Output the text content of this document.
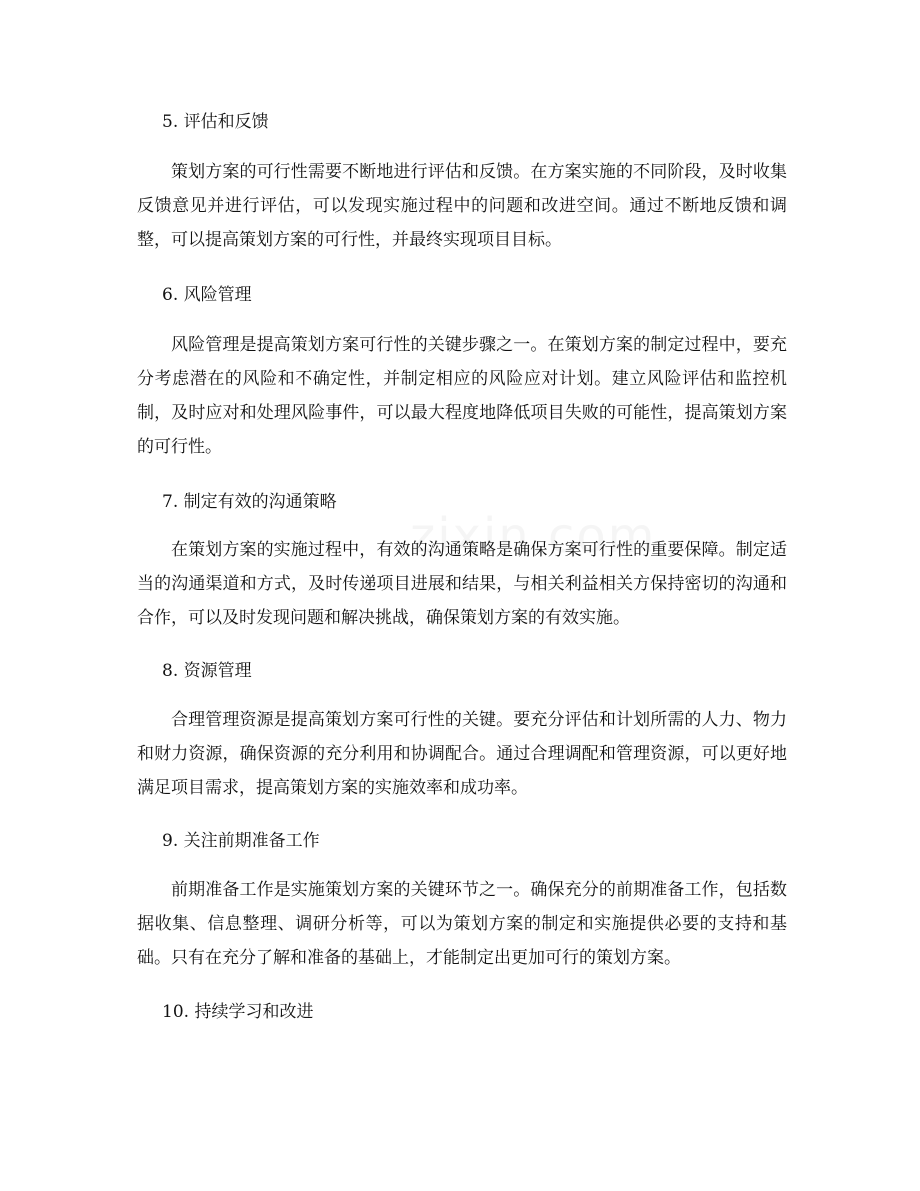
5. 评估和反馈
策划方案的可行性需要不断地进行评估和反馈。在方案实施的不同阶段，及时收集反馈意见并进行评估，可以发现实施过程中的问题和改进空间。通过不断地反馈和调整，可以提高策划方案的可行性，并最终实现项目目标。
6. 风险管理
风险管理是提高策划方案可行性的关键步骤之一。在策划方案的制定过程中，要充分考虑潜在的风险和不确定性，并制定相应的风险应对计划。建立风险评估和监控机制，及时应对和处理风险事件，可以最大程度地降低项目失败的可能性，提高策划方案的可行性。
7. 制定有效的沟通策略
在策划方案的实施过程中，有效的沟通策略是确保方案可行性的重要保障。制定适当的沟通渠道和方式，及时传递项目进展和结果，与相关利益相关方保持密切的沟通和合作，可以及时发现问题和解决挑战，确保策划方案的有效实施。
8. 资源管理
合理管理资源是提高策划方案可行性的关键。要充分评估和计划所需的人力、物力和财力资源，确保资源的充分利用和协调配合。通过合理调配和管理资源，可以更好地满足项目需求，提高策划方案的实施效率和成功率。
9. 关注前期准备工作
前期准备工作是实施策划方案的关键环节之一。确保充分的前期准备工作，包括数据收集、信息整理、调研分析等，可以为策划方案的制定和实施提供必要的支持和基础。只有在充分了解和准备的基础上，才能制定出更加可行的策划方案。
10. 持续学习和改进
